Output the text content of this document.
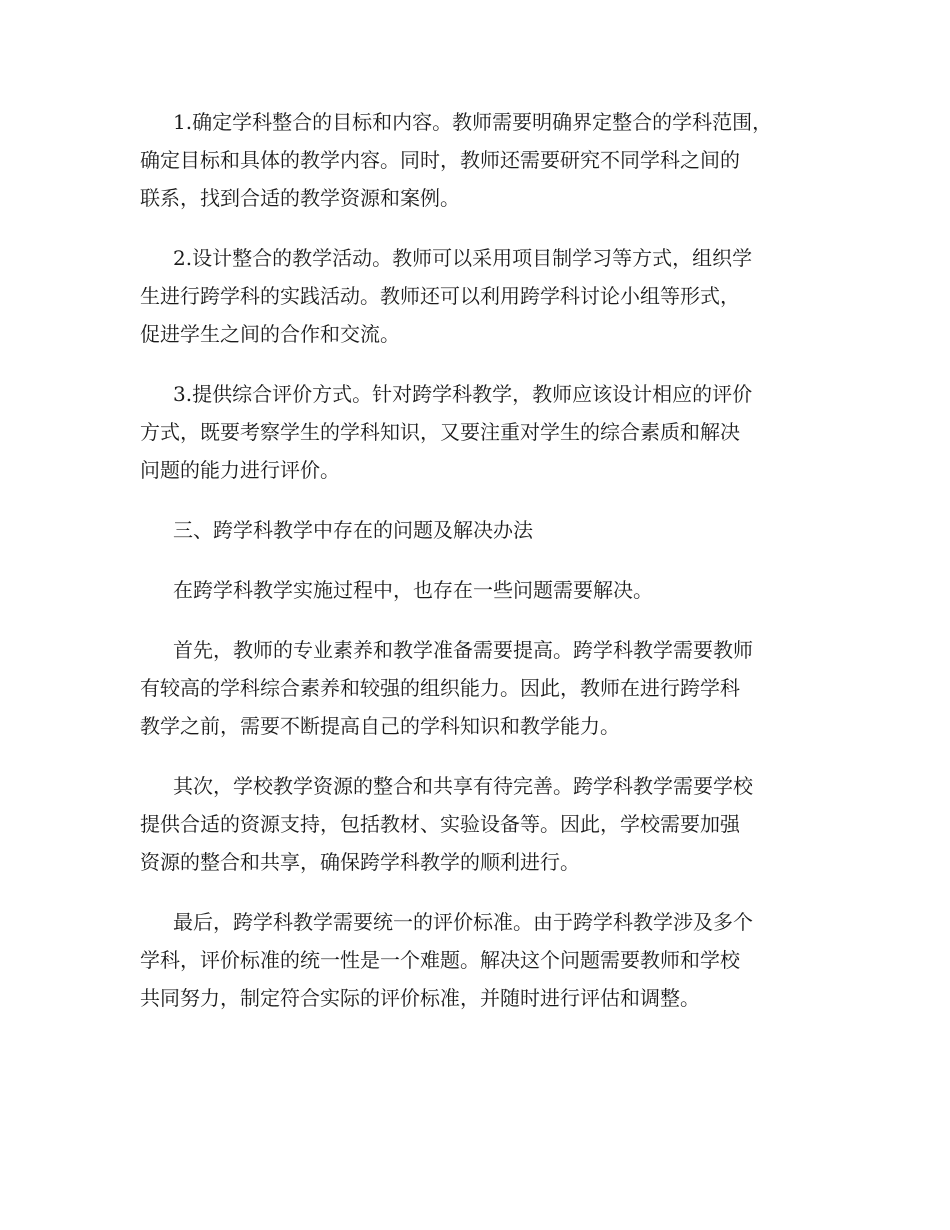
1.确定学科整合的目标和内容。教师需要明确界定整合的学科范围，
确定目标和具体的教学内容。同时，教师还需要研究不同学科之间的
联系，找到合适的教学资源和案例。
2.设计整合的教学活动。教师可以采用项目制学习等方式，组织学
生进行跨学科的实践活动。教师还可以利用跨学科讨论小组等形式，
促进学生之间的合作和交流。
3.提供综合评价方式。针对跨学科教学，教师应该设计相应的评价
方式，既要考察学生的学科知识，又要注重对学生的综合素质和解决
问题的能力进行评价。
三、跨学科教学中存在的问题及解决办法
在跨学科教学实施过程中，也存在一些问题需要解决。
首先，教师的专业素养和教学准备需要提高。跨学科教学需要教师
有较高的学科综合素养和较强的组织能力。因此，教师在进行跨学科
教学之前，需要不断提高自己的学科知识和教学能力。
其次，学校教学资源的整合和共享有待完善。跨学科教学需要学校
提供合适的资源支持，包括教材、实验设备等。因此，学校需要加强
资源的整合和共享，确保跨学科教学的顺利进行。
最后，跨学科教学需要统一的评价标准。由于跨学科教学涉及多个
学科，评价标准的统一性是一个难题。解决这个问题需要教师和学校
共同努力，制定符合实际的评价标准，并随时进行评估和调整。
